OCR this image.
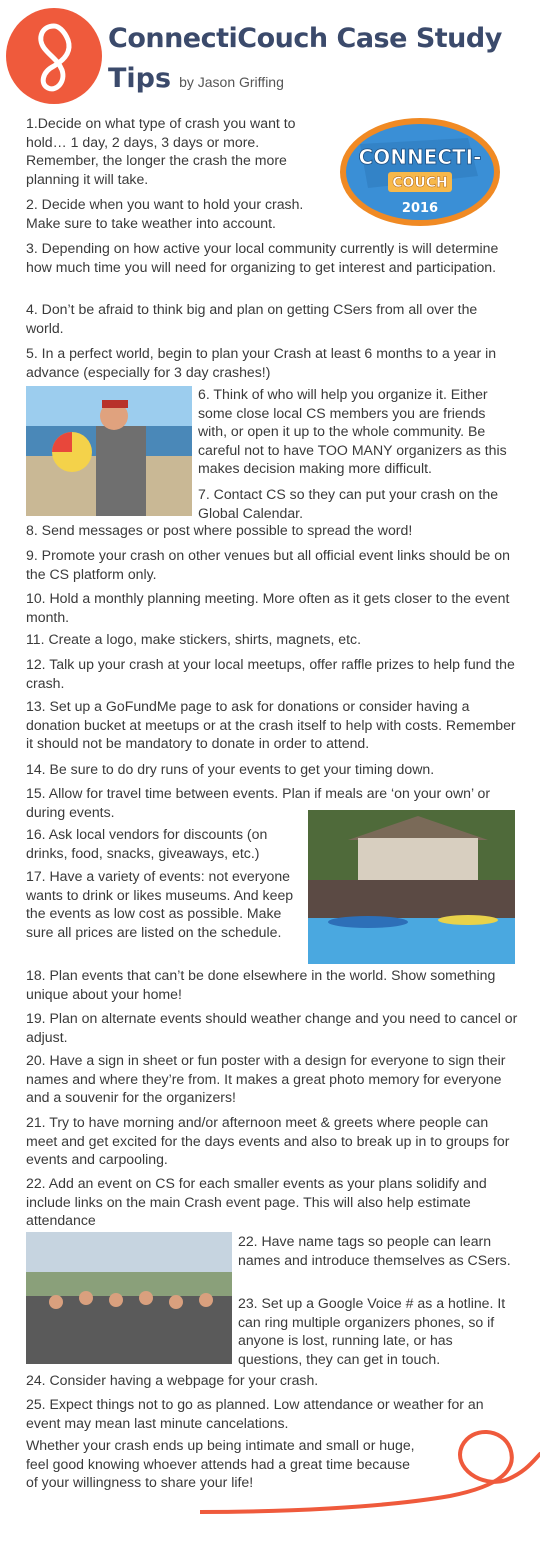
ConnectiCouch Case Study
Tips by Jason Griffing
CONNECTI-
COUCH
2016

1.Decide on what type of crash you want to hold… 1 day, 2 days, 3 days or more. Remember, the longer the crash the more planning it will take.

2. Decide when you want to hold your crash. Make sure to take weather into account.

3. Depending on how active your local community currently is will determine how much time you will need for organizing to get interest and participation.

4. Don’t be afraid to think big and plan on getting CSers from all over the world.

5. In a perfect world, begin to plan your Crash at least 6 months to a year in advance (especially for 3 day crashes!)

6. Think of who will help you organize it. Either some close local CS members you are friends with, or open it up to the whole community. Be careful not to have TOO MANY organizers as this makes decision making more difficult.

7. Contact CS so they can put your crash on the Global Calendar.

8. Send messages or post where possible to spread the word!

9. Promote your crash on other venues but all official event links should be on the CS platform only.

10. Hold a monthly planning meeting. More often as it gets closer to the event month.

11. Create a logo, make stickers, shirts, magnets, etc.

12. Talk up your crash at your local meetups, offer raffle prizes to help fund the crash.

13. Set up a GoFundMe page to ask for donations or consider having a donation bucket at meetups or at the crash itself to help with costs. Remember it should not be mandatory to donate in order to attend.

14. Be sure to do dry runs of your events to get your timing down.

15. Allow for travel time between events. Plan if meals are ‘on your own’ or during events.

16. Ask local vendors for discounts (on drinks, food, snacks, giveaways, etc.)

17. Have a variety of events: not everyone wants to drink or likes museums. And keep the events as low cost as possible. Make sure all prices are listed on the schedule.

18. Plan events that can’t be done elsewhere in the world. Show something unique about your home!

19. Plan on alternate events should weather change and you need to cancel or adjust.

20. Have a sign in sheet or fun poster with a design for everyone to sign their names and where they’re from. It makes a great photo memory for everyone and a souvenir for the organizers!

21. Try to have morning and/or afternoon meet & greets where people can meet and get excited for the days events and also to break up in to groups for events and carpooling.

22. Add an event on CS for each smaller events as your plans solidify and include links on the main Crash event page. This will also help estimate attendance

22. Have name tags so people can learn names and introduce themselves as CSers.

23. Set up a Google Voice # as a hotline. It can ring multiple organizers phones, so if anyone is lost, running late, or has questions, they can get in touch.

24. Consider having a webpage for your crash.

25. Expect things not to go as planned. Low attendance or weather for an event may mean last minute cancelations.

Whether your crash ends up being intimate and small or huge, feel good knowing whoever attends had a great time because of your willingness to share your life!
